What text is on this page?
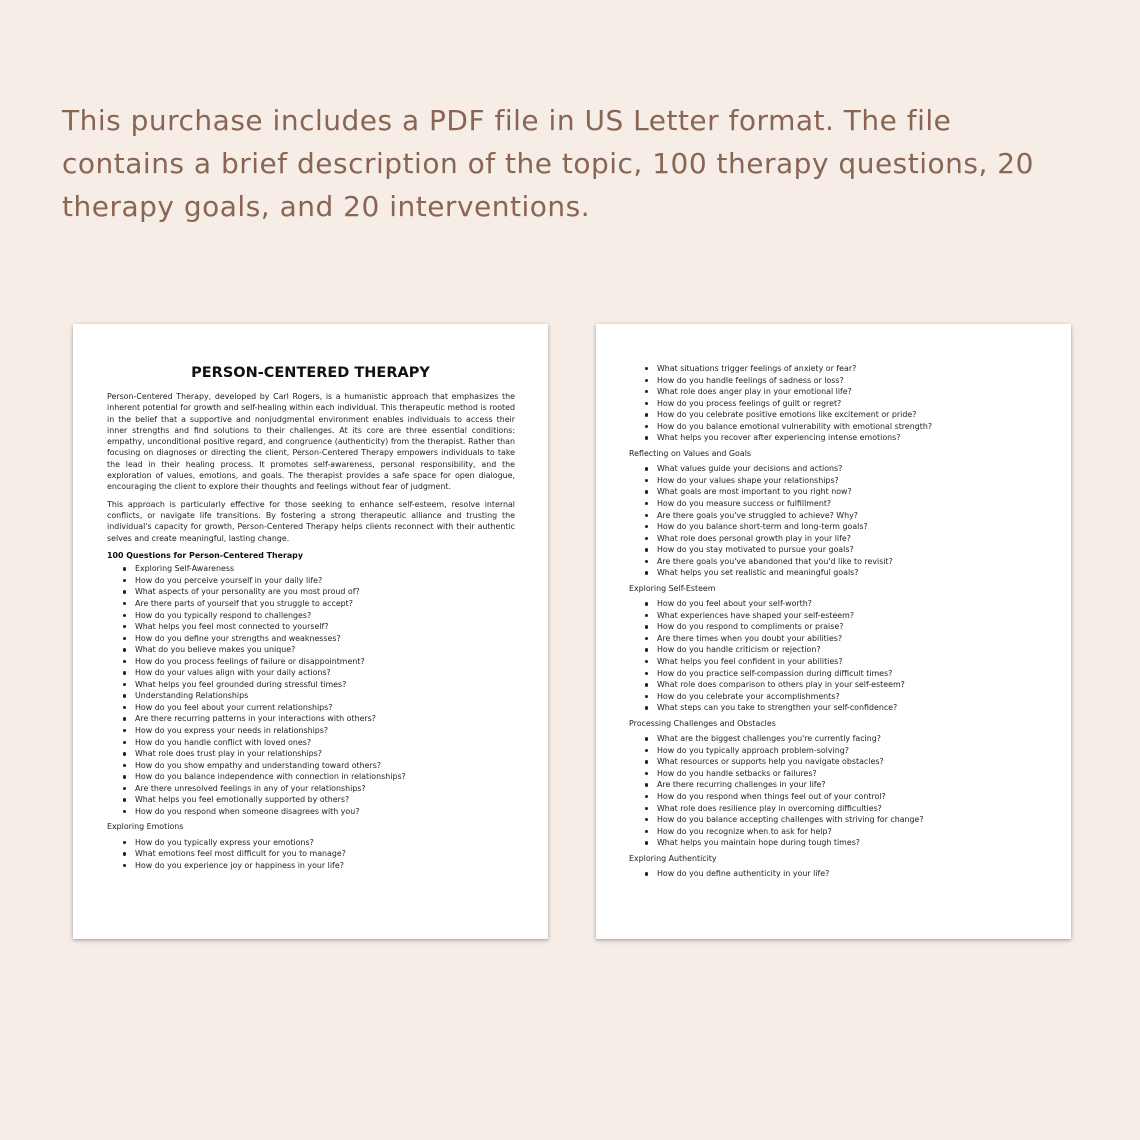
This purchase includes a PDF file in US Letter format. The file contains a brief description of the topic, 100 therapy questions, 20 therapy goals, and 20 interventions.

PERSON-CENTERED THERAPY

Person-Centered Therapy, developed by Carl Rogers, is a humanistic approach that emphasizes the inherent potential for growth and self-healing within each individual. This therapeutic method is rooted in the belief that a supportive and nonjudgmental environment enables individuals to access their inner strengths and find solutions to their challenges. At its core are three essential conditions: empathy, unconditional positive regard, and congruence (authenticity) from the therapist. Rather than focusing on diagnoses or directing the client, Person-Centered Therapy empowers individuals to take the lead in their healing process. It promotes self-awareness, personal responsibility, and the exploration of values, emotions, and goals. The therapist provides a safe space for open dialogue, encouraging the client to explore their thoughts and feelings without fear of judgment.

This approach is particularly effective for those seeking to enhance self-esteem, resolve internal conflicts, or navigate life transitions. By fostering a strong therapeutic alliance and trusting the individual's capacity for growth, Person-Centered Therapy helps clients reconnect with their authentic selves and create meaningful, lasting change.

100 Questions for Person-Centered Therapy
Exploring Self-Awareness
How do you perceive yourself in your daily life?
What aspects of your personality are you most proud of?
Are there parts of yourself that you struggle to accept?
How do you typically respond to challenges?
What helps you feel most connected to yourself?
How do you define your strengths and weaknesses?
What do you believe makes you unique?
How do you process feelings of failure or disappointment?
How do your values align with your daily actions?
What helps you feel grounded during stressful times?
Understanding Relationships
How do you feel about your current relationships?
Are there recurring patterns in your interactions with others?
How do you express your needs in relationships?
How do you handle conflict with loved ones?
What role does trust play in your relationships?
How do you show empathy and understanding toward others?
How do you balance independence with connection in relationships?
Are there unresolved feelings in any of your relationships?
What helps you feel emotionally supported by others?
How do you respond when someone disagrees with you?
Exploring Emotions
How do you typically express your emotions?
What emotions feel most difficult for you to manage?
How do you experience joy or happiness in your life?
What situations trigger feelings of anxiety or fear?
How do you handle feelings of sadness or loss?
What role does anger play in your emotional life?
How do you process feelings of guilt or regret?
How do you celebrate positive emotions like excitement or pride?
How do you balance emotional vulnerability with emotional strength?
What helps you recover after experiencing intense emotions?
Reflecting on Values and Goals
What values guide your decisions and actions?
How do your values shape your relationships?
What goals are most important to you right now?
How do you measure success or fulfillment?
Are there goals you've struggled to achieve? Why?
How do you balance short-term and long-term goals?
What role does personal growth play in your life?
How do you stay motivated to pursue your goals?
Are there goals you've abandoned that you'd like to revisit?
What helps you set realistic and meaningful goals?
Exploring Self-Esteem
How do you feel about your self-worth?
What experiences have shaped your self-esteem?
How do you respond to compliments or praise?
Are there times when you doubt your abilities?
How do you handle criticism or rejection?
What helps you feel confident in your abilities?
How do you practice self-compassion during difficult times?
What role does comparison to others play in your self-esteem?
How do you celebrate your accomplishments?
What steps can you take to strengthen your self-confidence?
Processing Challenges and Obstacles
What are the biggest challenges you're currently facing?
How do you typically approach problem-solving?
What resources or supports help you navigate obstacles?
How do you handle setbacks or failures?
Are there recurring challenges in your life?
How do you respond when things feel out of your control?
What role does resilience play in overcoming difficulties?
How do you balance accepting challenges with striving for change?
How do you recognize when to ask for help?
What helps you maintain hope during tough times?
Exploring Authenticity
How do you define authenticity in your life?
